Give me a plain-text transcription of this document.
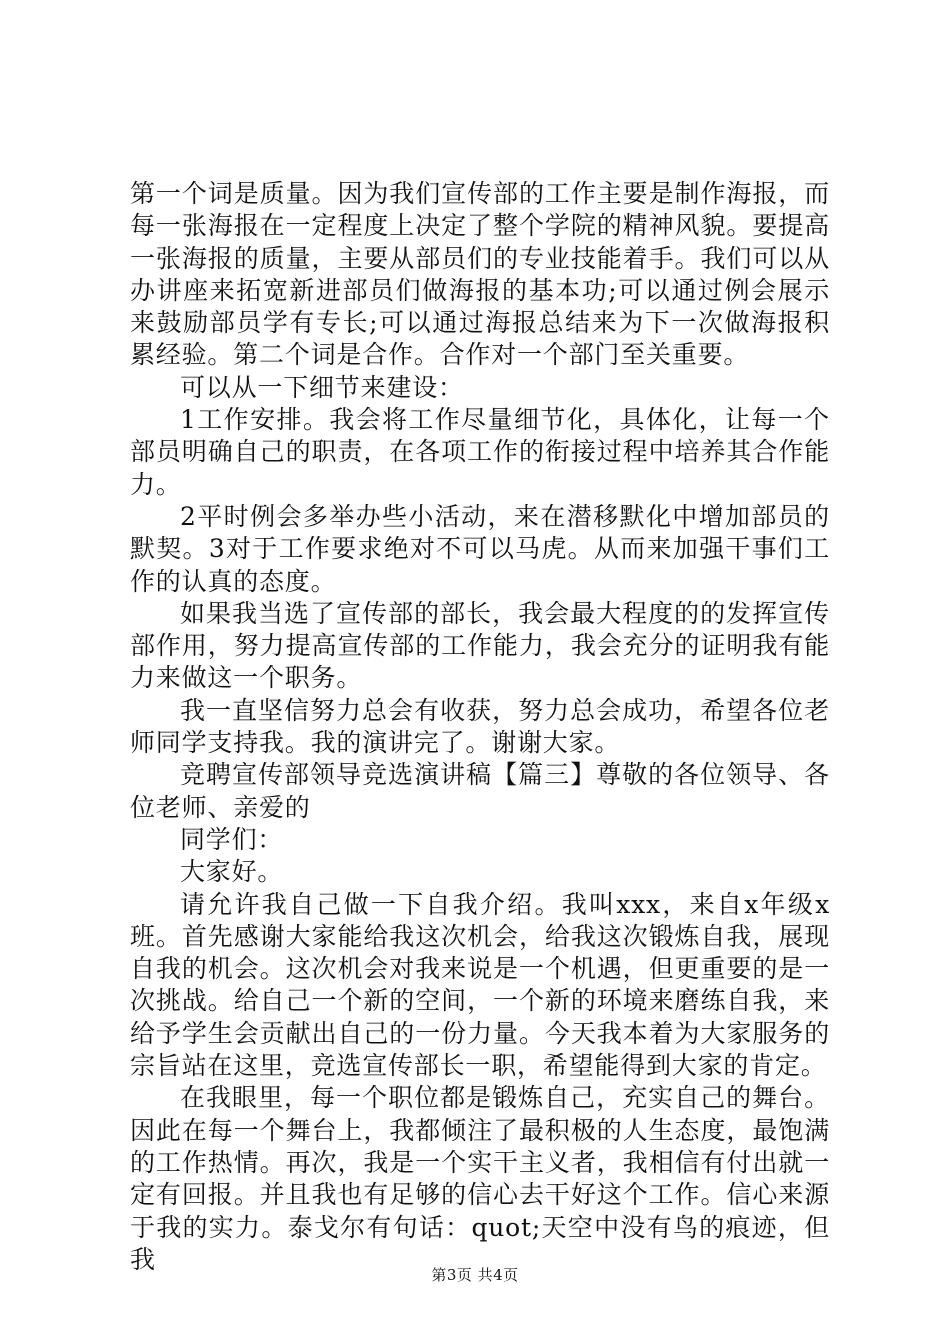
第一个词是质量。因为我们宣传部的工作主要是制作海报，而每一张海报在一定程度上决定了整个学院的精神风貌。要提高一张海报的质量，主要从部员们的专业技能着手。我们可以从办讲座来拓宽新进部员们做海报的基本功;可以通过例会展示来鼓励部员学有专长;可以通过海报总结来为下一次做海报积累经验。第二个词是合作。合作对一个部门至关重要。

可以从一下细节来建设：

1工作安排。我会将工作尽量细节化，具体化，让每一个部员明确自己的职责，在各项工作的衔接过程中培养其合作能力。

2平时例会多举办些小活动，来在潜移默化中增加部员的默契。3对于工作要求绝对不可以马虎。从而来加强干事们工作的认真的态度。

如果我当选了宣传部的部长，我会最大程度的的发挥宣传部作用，努力提高宣传部的工作能力，我会充分的证明我有能力来做这一个职务。

我一直坚信努力总会有收获，努力总会成功，希望各位老师同学支持我。我的演讲完了。谢谢大家。

竞聘宣传部领导竞选演讲稿【篇三】尊敬的各位领导、各位老师、亲爱的

同学们：

大家好。

请允许我自己做一下自我介绍。我叫xxx，来自x年级x班。首先感谢大家能给我这次机会，给我这次锻炼自我，展现自我的机会。这次机会对我来说是一个机遇，但更重要的是一次挑战。给自己一个新的空间，一个新的环境来磨练自我，来给予学生会贡献出自己的一份力量。今天我本着为大家服务的宗旨站在这里，竞选宣传部长一职，希望能得到大家的肯定。

在我眼里，每一个职位都是锻炼自己，充实自己的舞台。因此在每一个舞台上，我都倾注了最积极的人生态度，最饱满的工作热情。再次，我是一个实干主义者，我相信有付出就一定有回报。并且我也有足够的信心去干好这个工作。信心来源于我的实力。泰戈尔有句话：quot;天空中没有鸟的痕迹，但我

第3页 共4页
